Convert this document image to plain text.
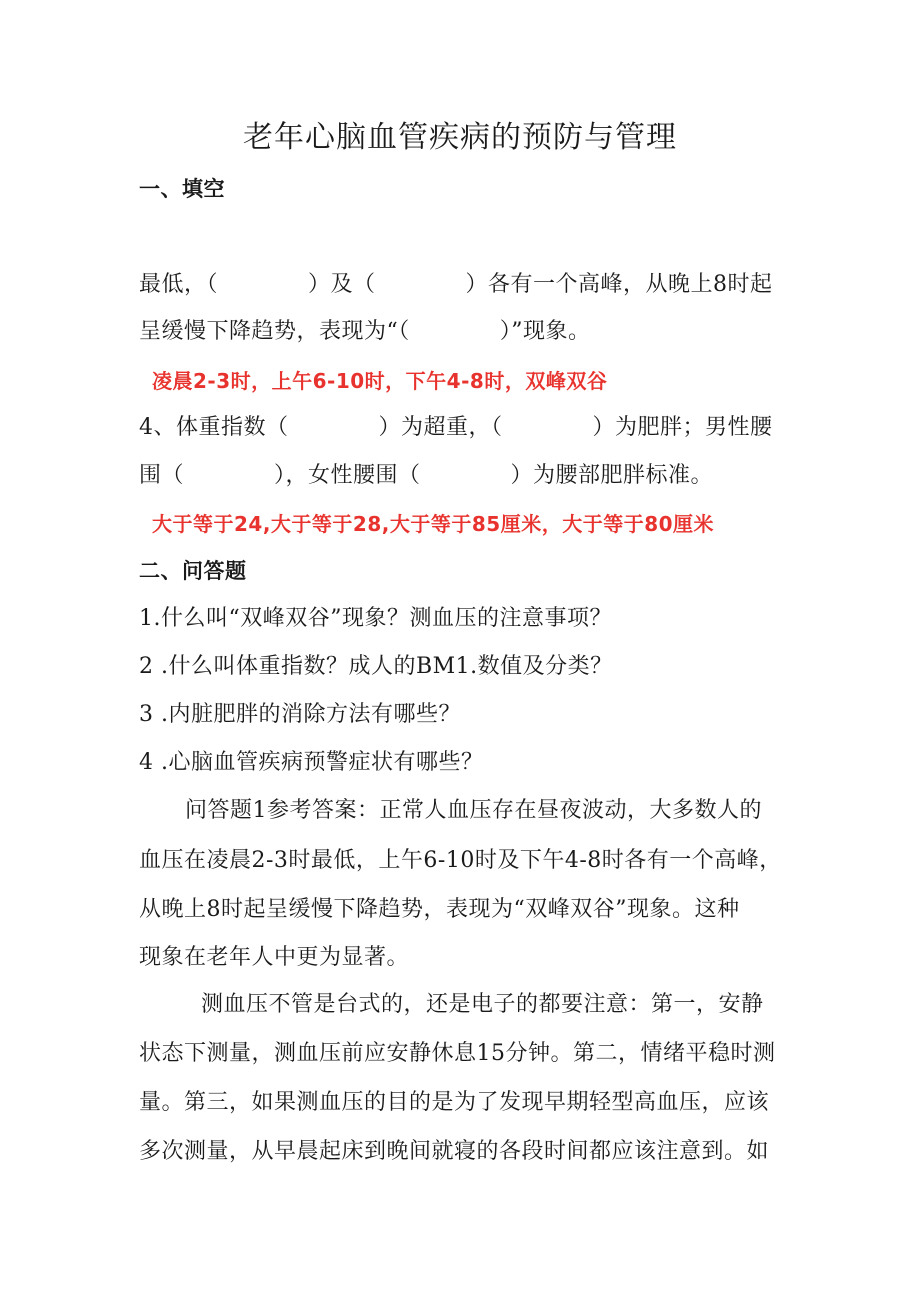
老年心脑血管疾病的预防与管理
一、填空
最低，（　　　　）及（　　　　）各有一个高峰，从晚上8时起
呈缓慢下降趋势，表现为“（　　　　）”现象。
凌晨2-3时，上午6-10时，下午4-8时，双峰双谷
4、体重指数（　　　　）为超重，（　　　　）为肥胖；男性腰
围（　　　　），女性腰围（　　　　）为腰部肥胖标准。
大于等于24,大于等于28,大于等于85厘米，大于等于80厘米
二、问答题
1.什么叫“双峰双谷”现象？测血压的注意事项？
2 .什么叫体重指数？成人的BM1.数值及分类？
3 .内脏肥胖的消除方法有哪些？
4 .心脑血管疾病预警症状有哪些？
问答题1参考答案：正常人血压存在昼夜波动，大多数人的
血压在凌晨2-3时最低，上午6-10时及下午4-8时各有一个高峰，
从晚上8时起呈缓慢下降趋势，表现为“双峰双谷”现象。这种
现象在老年人中更为显著。
测血压不管是台式的，还是电子的都要注意：第一，安静
状态下测量，测血压前应安静休息15分钟。第二，情绪平稳时测
量。第三，如果测血压的目的是为了发现早期轻型高血压，应该
多次测量，从早晨起床到晚间就寝的各段时间都应该注意到。如
